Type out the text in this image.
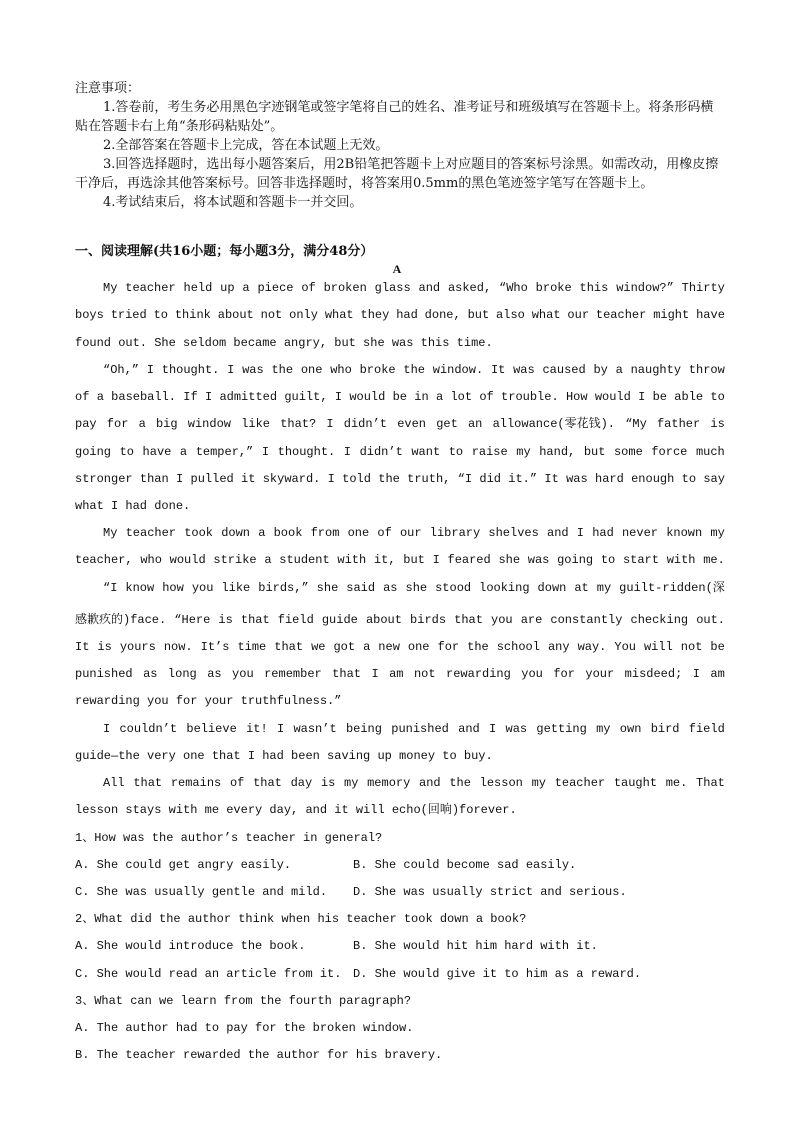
注意事项：

1.答卷前，考生务必用黑色字迹钢笔或签字笔将自己的姓名、准考证号和班级填写在答题卡上。将条形码横贴在答题卡右上角“条形码粘贴处”。

2.全部答案在答题卡上完成，答在本试题上无效。

3.回答选择题时，选出每小题答案后，用2B铅笔把答题卡上对应题目的答案标号涂黑。如需改动，用橡皮擦干净后，再选涂其他答案标号。回答非选择题时，将答案用0.5mm的黑色笔迹签字笔写在答题卡上。

4.考试结束后，将本试题和答题卡一并交回。

一、阅读理解(共16小题；每小题3分，满分48分）
A
My teacher held up a piece of broken glass and asked, “Who broke this window?” Thirty
boys tried to think about not only what they had done, but also what our teacher might have
found out. She seldom became angry, but she was this time.
“Oh,” I thought. I was the one who broke the window. It was caused by a naughty throw
of a baseball. If I admitted guilt, I would be in a lot of trouble. How would I be able to
pay for a big window like that? I didn’t even get an allowance(零花钱). “My father is
going to have a temper,” I thought. I didn’t want to raise my hand, but some force much
stronger than I pulled it skyward. I told the truth, “I did it.” It was hard enough to say
what I had done.
My teacher took down a book from one of our library shelves and I had never known my
teacher, who would strike a student with it, but I feared she was going to start with me.
“I know how you like birds,” she said as she stood looking down at my guilt-ridden(深
感歉疚的)face. “Here is that field guide about birds that you are constantly checking out.
It is yours now. It’s time that we got a new one for the school any way. You will not be
punished as long as you remember that I am not rewarding you for your misdeed; I am
rewarding you for your truthfulness.”
I couldn’t believe it! I wasn’t being punished and I was getting my own bird field
guide—the very one that I had been saving up money to buy.
All that remains of that day is my memory and the lesson my teacher taught me. That
lesson stays with me every day, and it will echo(回响)forever.
1、How was the author’s teacher in general?
A. She could get angry easily.	B. She could become sad easily.
C. She was usually gentle and mild. D. She was usually strict and serious.
2、What did the author think when his teacher took down a book?
A. She would introduce the book.	B. She would hit him hard with it.
C. She would read an article from it. D. She would give it to him as a reward.
3、What can we learn from the fourth paragraph?
A. The author had to pay for the broken window.
B. The teacher rewarded the author for his bravery.
